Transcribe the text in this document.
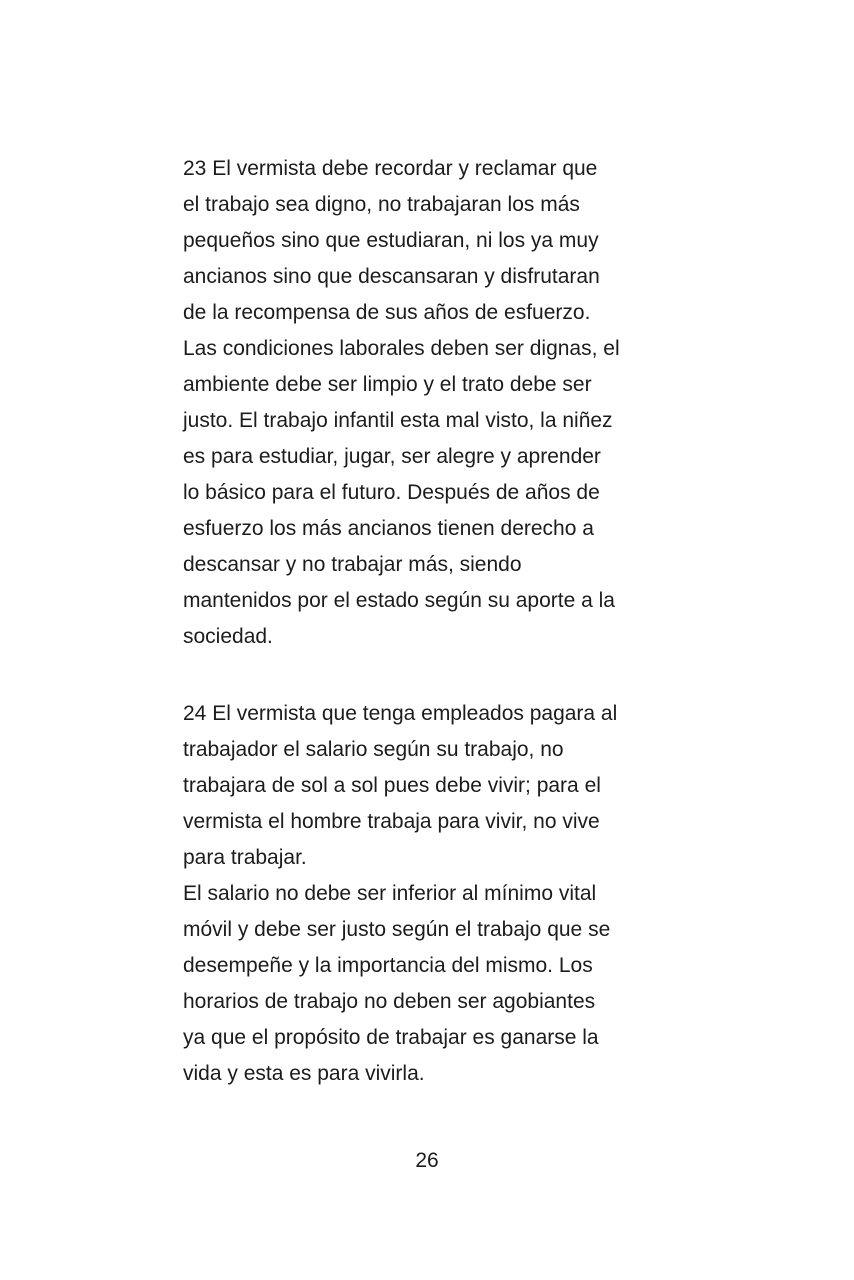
23 El vermista debe recordar y reclamar que
el trabajo sea digno, no trabajaran los más
pequeños sino que estudiaran, ni los ya muy
ancianos sino que descansaran y disfrutaran
de la recompensa de sus años de esfuerzo.
Las condiciones laborales deben ser dignas, el
ambiente debe ser limpio y el trato debe ser
justo. El trabajo infantil esta mal visto, la niñez
es para estudiar, jugar, ser alegre y aprender
lo básico para el futuro. Después de años de
esfuerzo los más ancianos tienen derecho a
descansar y no trabajar más, siendo
mantenidos por el estado según su aporte a la
sociedad.
24 El vermista que tenga empleados pagara al
trabajador el salario según su trabajo, no
trabajara de sol a sol pues debe vivir; para el
vermista el hombre trabaja para vivir, no vive
para trabajar.
El salario no debe ser inferior al mínimo vital
móvil y debe ser justo según el trabajo que se
desempeñe y la importancia del mismo. Los
horarios de trabajo no deben ser agobiantes
ya que el propósito de trabajar es ganarse la
vida y esta es para vivirla.
26
